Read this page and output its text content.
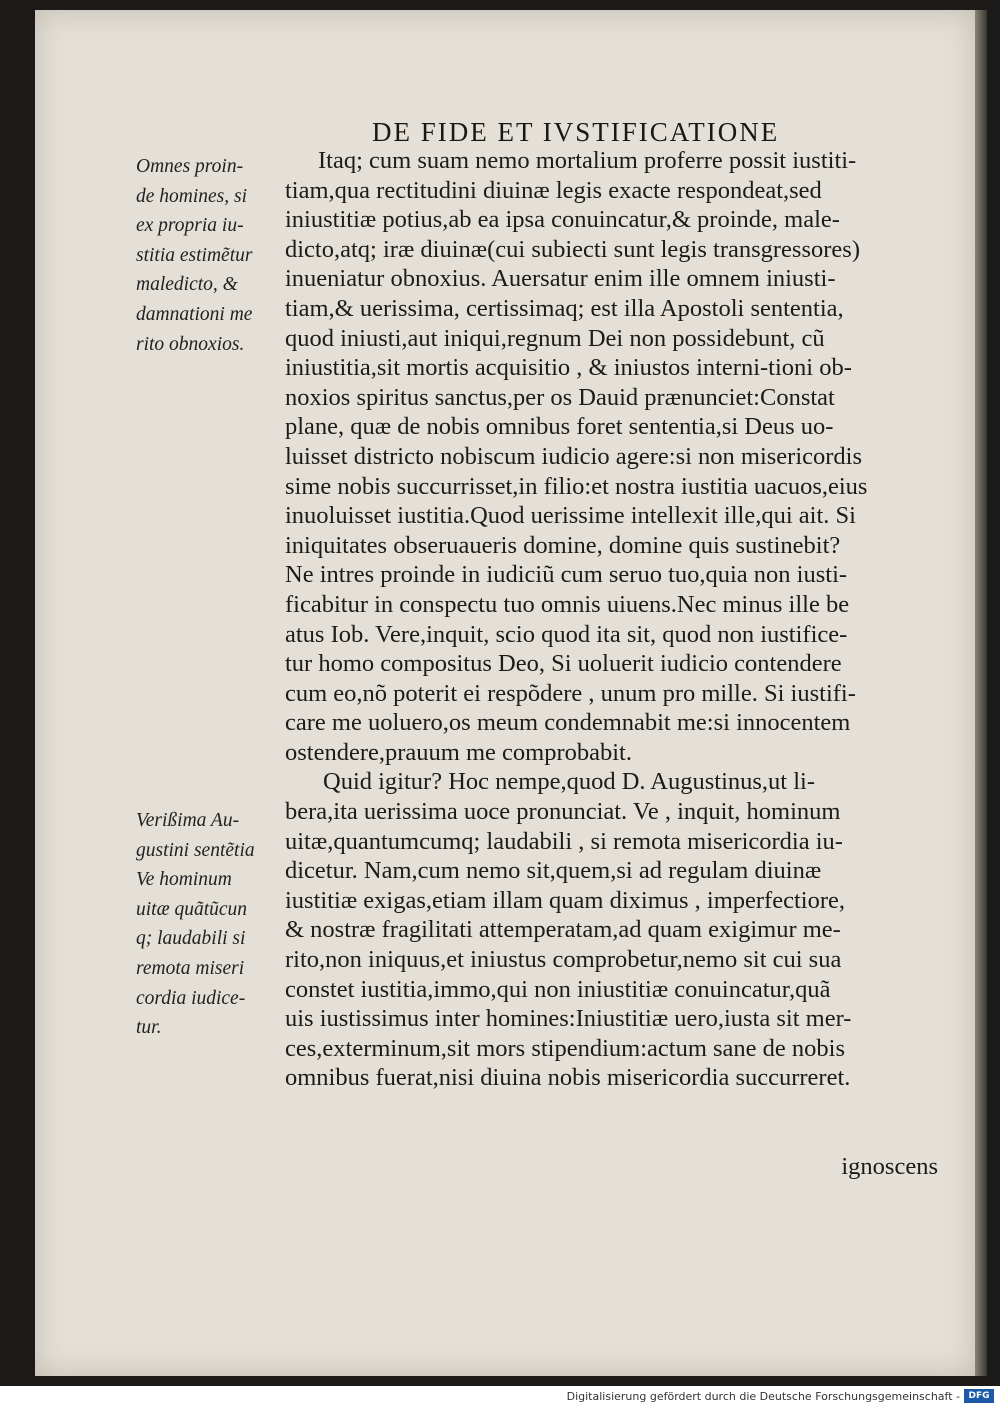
DE FIDE ET IVSTIFICATIONE
Omnes proin-
de homines, si
ex propria iu-
stitia estimẽtur
maledicto, &
damnationi me
rito obnoxios.
Verißima Au-
gustini sentẽtia
Ve hominum
uitæ quãtũcun
q; laudabili si
remota miseri
cordia iudice-
tur.
Itaq; cum suam nemo mortalium proferre possit iustiti-
tiam,qua rectitudini diuinæ legis exacte respondeat,sed
iniustitiæ potius,ab ea ipsa conuincatur,& proinde, male-
dicto,atq; iræ diuinæ(cui subiecti sunt legis transgressores)
inueniatur obnoxius. Auersatur enim ille omnem iniusti-
tiam,& uerissima, certissimaq; est illa Apostoli sententia,
quod iniusti,aut iniqui,regnum Dei non possidebunt, cũ
iniustitia,sit mortis acquisitio , & iniustos interni-tioni ob-
noxios spiritus sanctus,per os Dauid prænunciet:Constat
plane, quæ de nobis omnibus foret sententia,si Deus uo-
luisset districto nobiscum iudicio agere:si non misericordis
sime nobis succurrisset,in filio:et nostra iustitia uacuos,eius
inuoluisset iustitia.Quod uerissime intellexit ille,qui ait. Si
iniquitates obseruaueris domine, domine quis sustinebit?
Ne intres proinde in iudiciũ cum seruo tuo,quia non iusti-
ficabitur in conspectu tuo omnis uiuens.Nec minus ille be
atus Iob. Vere,inquit, scio quod ita sit, quod non iustifice-
tur homo compositus Deo, Si uoluerit iudicio contendere
cum eo,nõ poterit ei respõdere , unum pro mille. Si iustifi-
care me uoluero,os meum condemnabit me:si innocentem
ostendere,prauum me comprobabit.
Quid igitur? Hoc nempe,quod D. Augustinus,ut li-
bera,ita uerissima uoce pronunciat. Ve , inquit, hominum
uitæ,quantumcumq; laudabili , si remota misericordia iu-
dicetur. Nam,cum nemo sit,quem,si ad regulam diuinæ
iustitiæ exigas,etiam illam quam diximus , imperfectiore,
& nostræ fragilitati attemperatam,ad quam exigimur me-
rito,non iniquus,et iniustus comprobetur,nemo sit cui sua
constet iustitia,immo,qui non iniustitiæ conuincatur,quã
uis iustissimus inter homines:Iniustitiæ uero,iusta sit mer-
ces,exterminum,sit mors stipendium:actum sane de nobis
omnibus fuerat,nisi diuina nobis misericordia succurreret.
ignoscens
Digitalisierung gefördert durch die Deutsche Forschungsgemeinschaft - DFG
